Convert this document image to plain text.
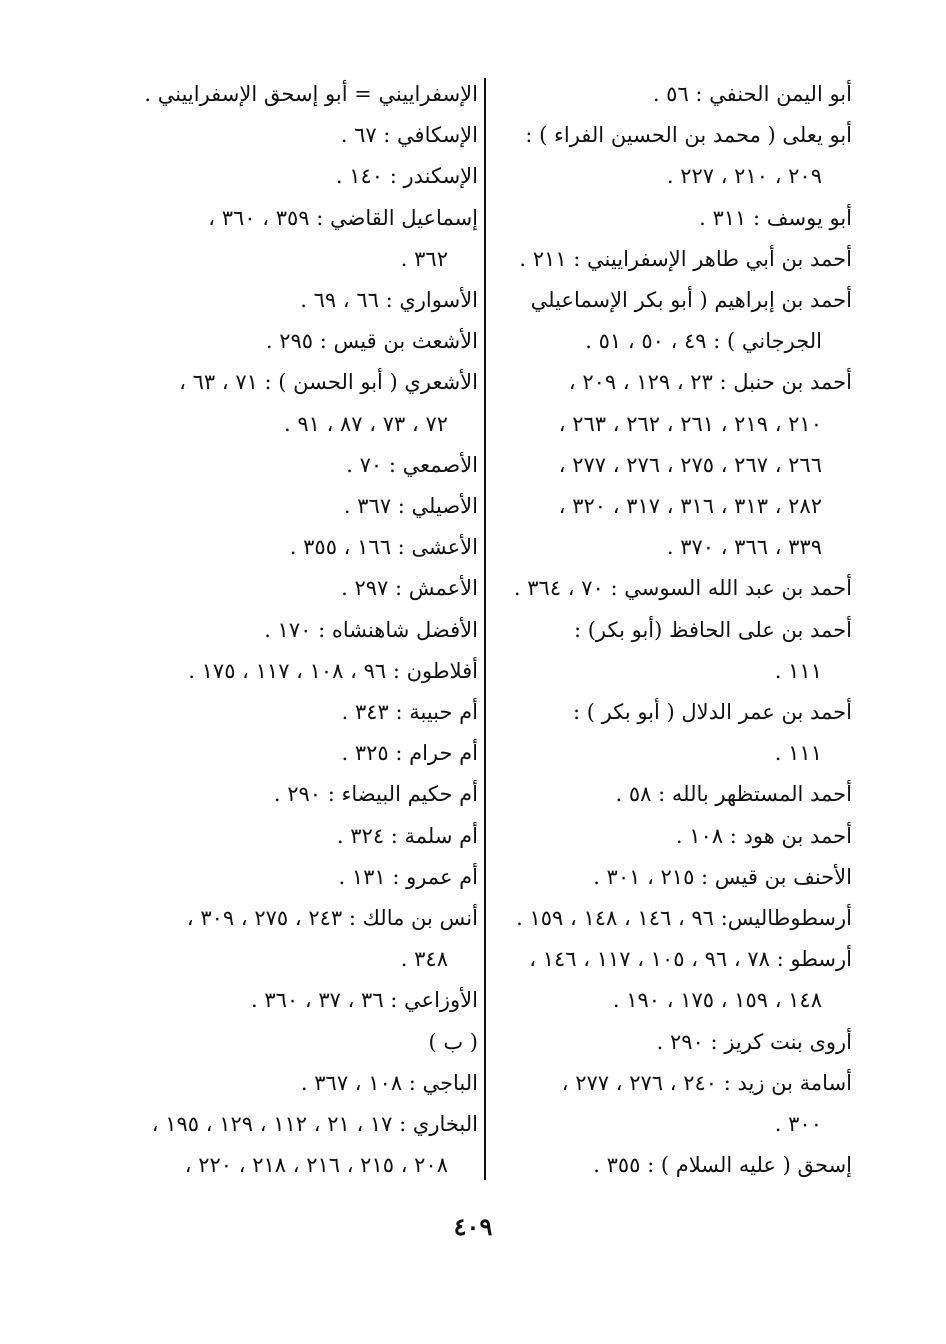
أبو اليمن الحنفي : ٥٦ .
أبو يعلى ( محمد بن الحسين الفراء ) :
٢٠٩ ، ٢١٠ ، ٢٢٧ .
أبو يوسف : ٣١١ .
أحمد بن أبي طاهر الإسفراييني : ٢١١ .
أحمد بن إبراهيم ( أبو بكر الإسماعيلي
الجرجاني ) : ٤٩ ، ٥٠ ، ٥١ .
أحمد بن حنبل : ٢٣ ، ١٢٩ ، ٢٠٩ ،
٢١٠ ، ٢١٩ ، ٢٦١ ، ٢٦٢ ، ٢٦٣ ،
٢٦٦ ، ٢٦٧ ، ٢٧٥ ، ٢٧٦ ، ٢٧٧ ،
٢٨٢ ، ٣١٣ ، ٣١٦ ، ٣١٧ ، ٣٢٠ ،
٣٣٩ ، ٣٦٦ ، ٣٧٠ .
أحمد بن عبد الله السوسي : ٧٠ ، ٣٦٤ .
أحمد بن على الحافظ (أبو بكر) :
١١١ .
أحمد بن عمر الدلال ( أبو بكر ) :
١١١ .
أحمد المستظهر بالله : ٥٨ .
أحمد بن هود : ١٠٨ .
الأحنف بن قيس : ٢١٥ ، ٣٠١ .
أرسطوطاليس: ٩٦ ، ١٤٦ ، ١٤٨ ، ١٥٩ .
أرسطو : ٧٨ ، ٩٦ ، ١٠٥ ، ١١٧ ، ١٤٦ ،
١٤٨ ، ١٥٩ ، ١٧٥ ، ١٩٠ .
أروى بنت كريز : ٢٩٠ .
أسامة بن زيد : ٢٤٠ ، ٢٧٦ ، ٢٧٧ ،
٣٠٠ .
إسحق ( عليه السلام ) : ٣٥٥ .
الإسفراييني = أبو إسحق الإسفراييني .
الإسكافي : ٦٧ .
الإسكندر : ١٤٠ .
إسماعيل القاضي : ٣٥٩ ، ٣٦٠ ،
٣٦٢ .
الأسواري : ٦٦ ، ٦٩ .
الأشعث بن قيس : ٢٩٥ .
الأشعري ( أبو الحسن ) : ٧١ ، ٦٣ ،
٧٢ ، ٧٣ ، ٨٧ ، ٩١ .
الأصمعي : ٧٠ .
الأصيلي : ٣٦٧ .
الأعشى : ١٦٦ ، ٣٥٥ .
الأعمش : ٢٩٧ .
الأفضل شاهنشاه : ١٧٠ .
أفلاطون : ٩٦ ، ١٠٨ ، ١١٧ ، ١٧٥ .
أم حبيبة : ٣٤٣ .
أم حرام : ٣٢٥ .
أم حكيم البيضاء : ٢٩٠ .
أم سلمة : ٣٢٤ .
أم عمرو : ١٣١ .
أنس بن مالك : ٢٤٣ ، ٢٧٥ ، ٣٠٩ ،
٣٤٨ .
الأوزاعي : ٣٦ ، ٣٧ ، ٣٦٠ .
( ب )
الباجي : ١٠٨ ، ٣٦٧ .
البخاري : ١٧ ، ٢١ ، ١١٢ ، ١٢٩ ، ١٩٥ ،
٢٠٨ ، ٢١٥ ، ٢١٦ ، ٢١٨ ، ٢٢٠ ،
٤٠٩
